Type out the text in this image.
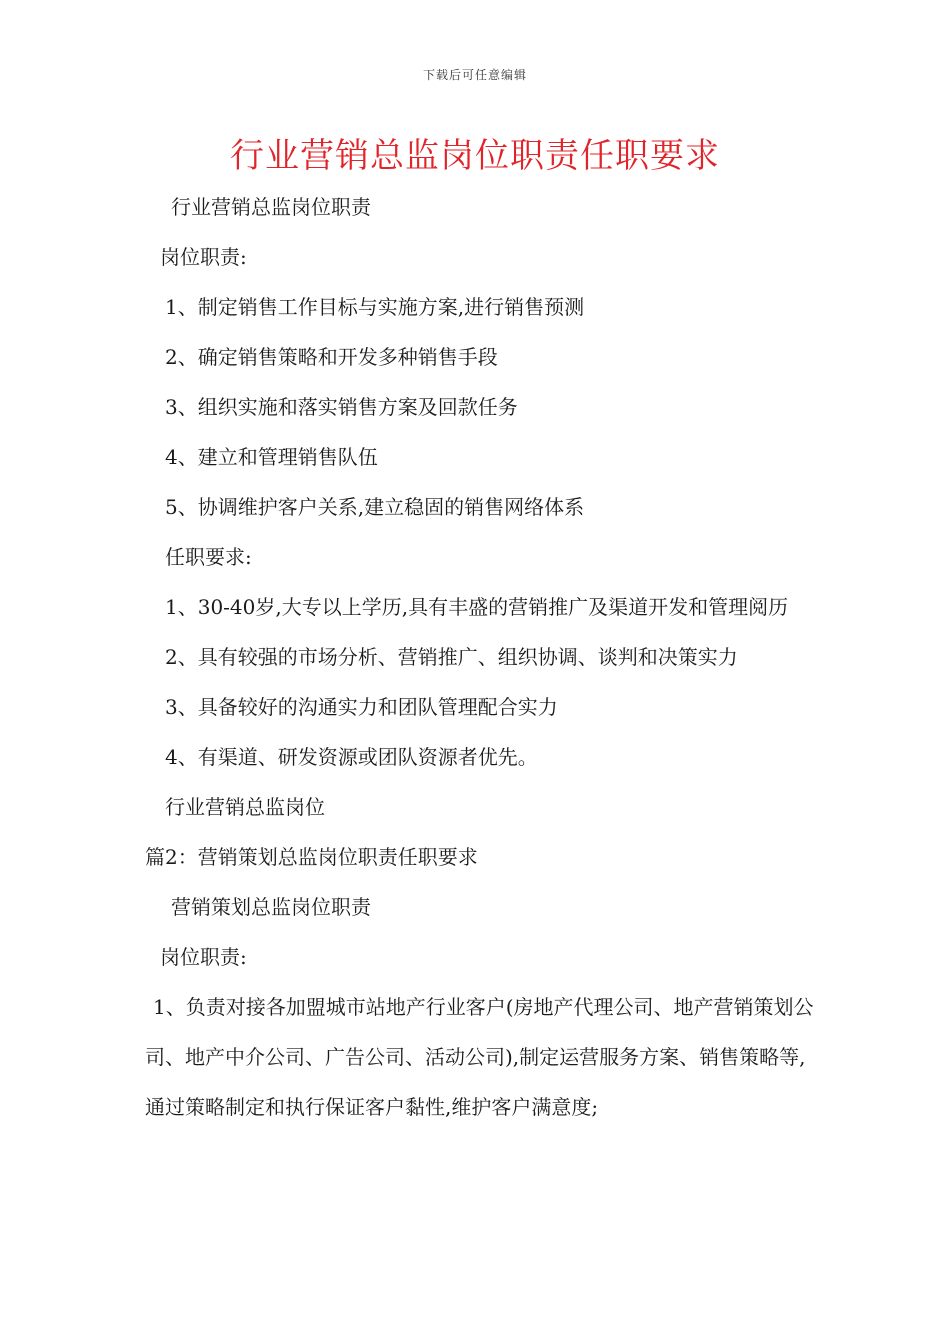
下载后可任意编辑
行业营销总监岗位职责任职要求

行业营销总监岗位职责

岗位职责:

1、制定销售工作目标与实施方案,进行销售预测

2、确定销售策略和开发多种销售手段

3、组织实施和落实销售方案及回款任务

4、建立和管理销售队伍

5、协调维护客户关系,建立稳固的销售网络体系

任职要求:

1、30-40岁,大专以上学历,具有丰盛的营销推广及渠道开发和管理阅历

2、具有较强的市场分析、营销推广、组织协调、谈判和决策实力

3、具备较好的沟通实力和团队管理配合实力

4、有渠道、研发资源或团队资源者优先。

行业营销总监岗位

篇2：营销策划总监岗位职责任职要求

营销策划总监岗位职责

岗位职责:

1、负责对接各加盟城市站地产行业客户(房地产代理公司、地产营销策划公司、地产中介公司、广告公司、活动公司),制定运营服务方案、销售策略等,通过策略制定和执行保证客户黏性,维护客户满意度;
